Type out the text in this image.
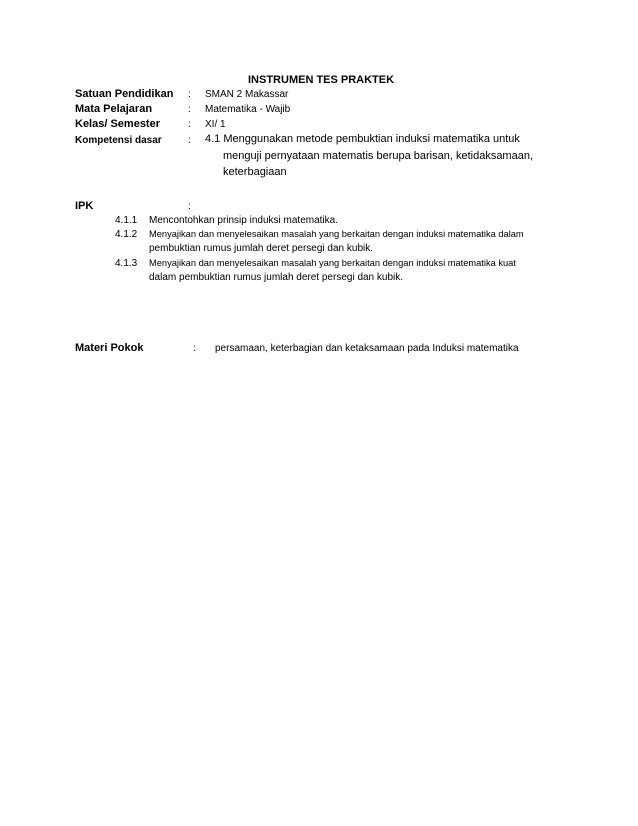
INSTRUMEN TES PRAKTEK
Satuan Pendidikan : SMAN 2 Makassar
Mata Pelajaran	: Matematika - Wajib
Kelas/ Semester	: XI/ 1
Kompetensi dasar	: 4.1 Menggunakan metode pembuktian induksi matematika untuk
menguji pernyataan matematis berupa barisan, ketidaksamaan,
keterbagiaan
IPK	:
4.1.1 Mencontohkan prinsip induksi matematika.
4.1.2 Menyajikan dan menyelesaikan masalah yang berkaitan dengan induksi matematika dalam
pembuktian rumus jumlah deret persegi dan kubik.
4.1.3 Menyajikan dan menyelesaikan masalah yang berkaitan dengan induksi matematika kuat
dalam pembuktian rumus jumlah deret persegi dan kubik.
Materi Pokok	: persamaan, keterbagian dan ketaksamaan pada Induksi matematika
